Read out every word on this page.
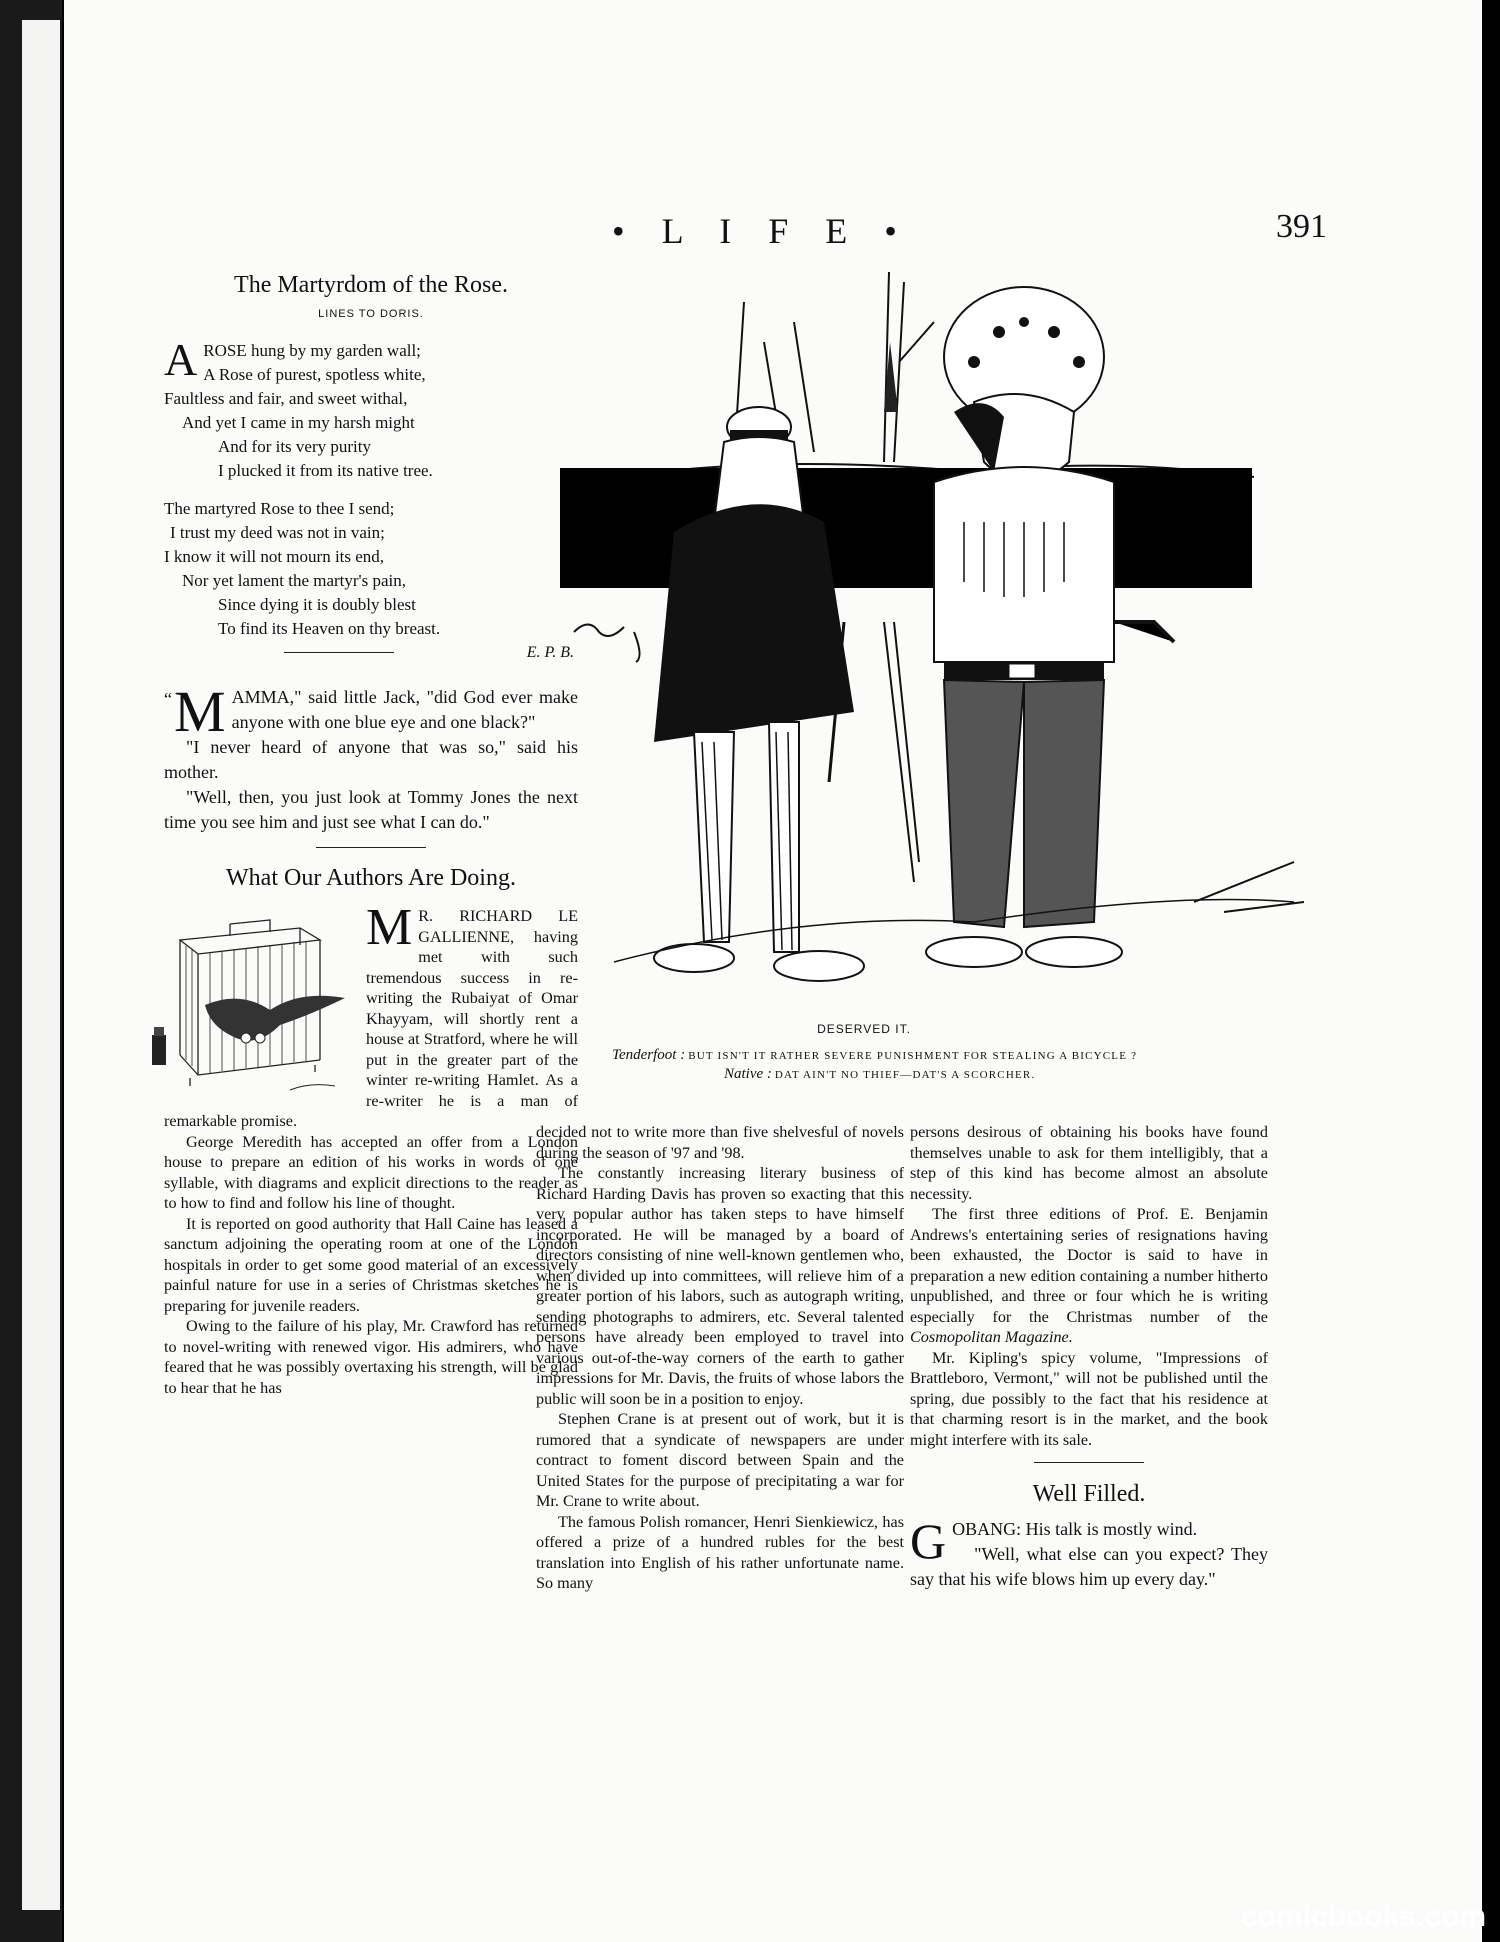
• L I F E •	391
The Martyrdom of the Rose.
LINES TO DORIS.
A ROSE hung by my garden wall;
A Rose of purest, spotless white,
Faultless and fair, and sweet withal,
And yet I came in my harsh might
And for its very purity
I plucked it from its native tree.
The martyred Rose to thee I send;
I trust my deed was not in vain;
I know it will not mourn its end,
Nor yet lament the martyr's pain,
Since dying it is doubly blest
To find its Heaven on thy breast.
E. P. B.

“ M AMMA," said little Jack, "did God ever make anyone with one blue eye and one black?"

"I never heard of anyone that was so," said his mother.

"Well, then, you just look at Tommy Jones the next time you see him and just see what I can do."

What Our Authors Are Doing.

M R. RICHARD LE GALLIENNE, having met with such tremendous success in re-writing the Rubaiyat of Omar Khayyam, will shortly rent a house at Stratford, where he will put in the greater part of the winter re-writing Hamlet. As a re-writer he is a man of remarkable promise.

George Meredith has accepted an offer from a London house to prepare an edition of his works in words of one syllable, with diagrams and explicit directions to the reader as to how to find and follow his line of thought.

It is reported on good authority that Hall Caine has leased a sanctum adjoining the operating room at one of the London hospitals in order to get some good material of an excessively painful nature for use in a series of Christmas sketches he is preparing for juvenile readers.

Owing to the failure of his play, Mr. Crawford has returned to novel-writing with renewed vigor. His admirers, who have feared that he was possibly overtaxing his strength, will be glad to hear that he has

DESERVED IT.
Tenderfoot : BUT ISN'T IT RATHER SEVERE PUNISHMENT FOR STEALING A BICYCLE ?
Native : DAT AIN'T NO THIEF—DAT'S A SCORCHER.

decided not to write more than five shelvesful of novels during the season of '97 and '98.

The constantly increasing literary business of Richard Harding Davis has proven so exacting that this very popular author has taken steps to have himself incorporated. He will be managed by a board of directors consisting of nine well-known gentlemen who, when divided up into committees, will relieve him of a greater portion of his labors, such as autograph writing, sending photographs to admirers, etc. Several talented persons have already been employed to travel into various out-of-the-way corners of the earth to gather impressions for Mr. Davis, the fruits of whose labors the public will soon be in a position to enjoy.

Stephen Crane is at present out of work, but it is rumored that a syndicate of newspapers are under contract to foment discord between Spain and the United States for the purpose of precipitating a war for Mr. Crane to write about.

The famous Polish romancer, Henri Sienkiewicz, has offered a prize of a hundred rubles for the best translation into English of his rather unfortunate name. So many

persons desirous of obtaining his books have found themselves unable to ask for them intelligibly, that a step of this kind has become almost an absolute necessity.

The first three editions of Prof. E. Benjamin Andrews's entertaining series of resignations having been exhausted, the Doctor is said to have in preparation a new edition containing a number hitherto unpublished, and three or four which he is writing especially for the Christmas number of the Cosmopolitan Magazine.

Mr. Kipling's spicy volume, "Impressions of Brattleboro, Vermont," will not be published until the spring, due possibly to the fact that his residence at that charming resort is in the market, and the book might interfere with its sale.

Well Filled.

GOBANG: His talk is mostly wind.

"Well, what else can you expect? They say that his wife blows him up every day."

comicbooks.com
